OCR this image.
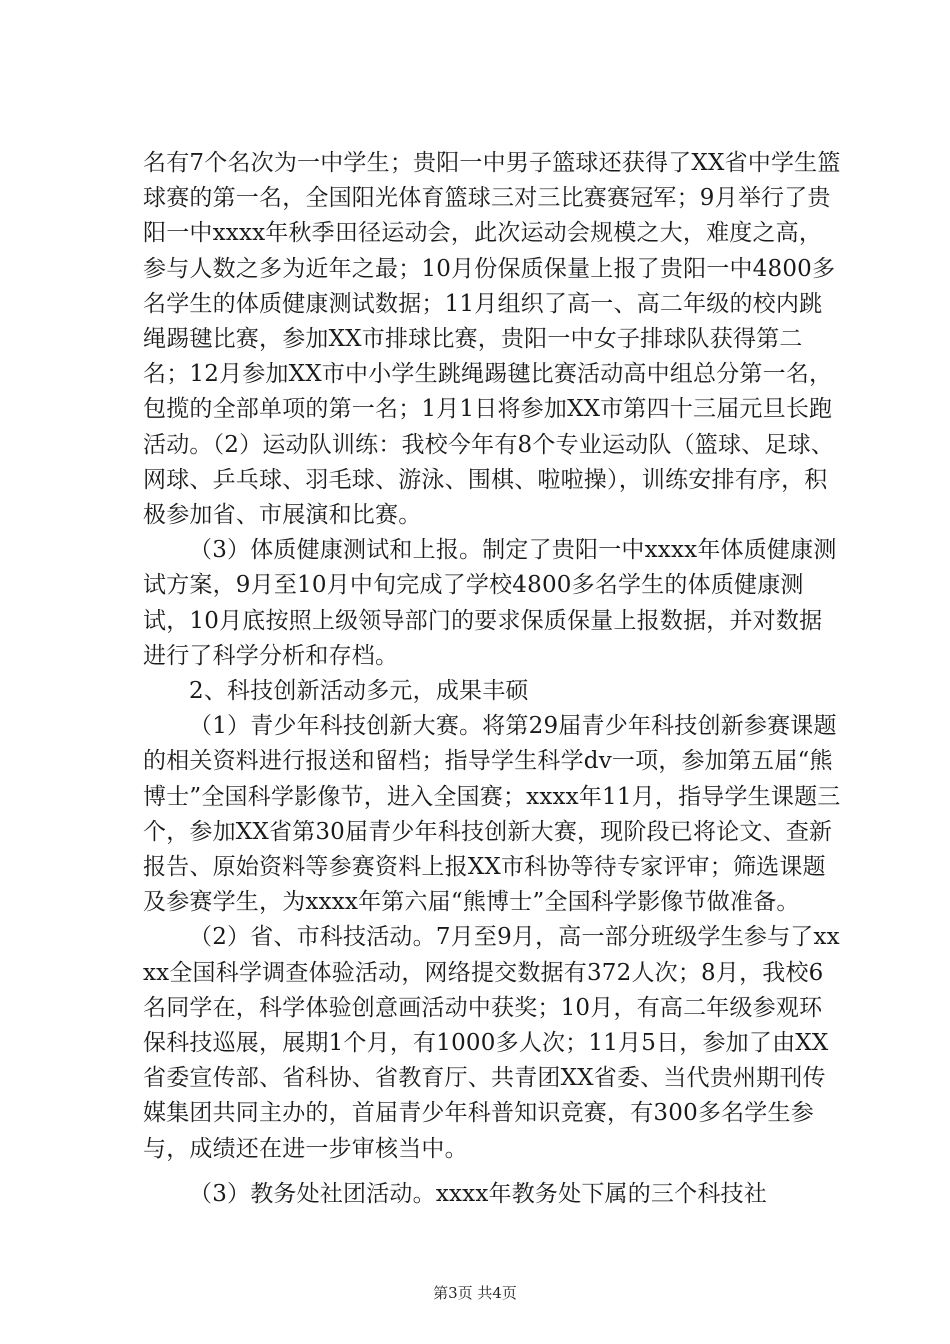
名有7个名次为一中学生；贵阳一中男子篮球还获得了XX省中学生篮球赛的第一名，全国阳光体育篮球三对三比赛赛冠军；9月举行了贵阳一中xxxx年秋季田径运动会，此次运动会规模之大，难度之高，参与人数之多为近年之最；10月份保质保量上报了贵阳一中4800多名学生的体质健康测试数据；11月组织了高一、高二年级的校内跳绳踢毽比赛，参加XX市排球比赛，贵阳一中女子排球队获得第二名；12月参加XX市中小学生跳绳踢毽比赛活动高中组总分第一名，包揽的全部单项的第一名；1月1日将参加XX市第四十三届元旦长跑活动。（2）运动队训练：我校今年有8个专业运动队（篮球、足球、网球、乒乓球、羽毛球、游泳、围棋、啦啦操），训练安排有序，积极参加省、市展演和比赛。

（3）体质健康测试和上报。制定了贵阳一中xxxx年体质健康测试方案，9月至10月中旬完成了学校4800多名学生的体质健康测试，10月底按照上级领导部门的要求保质保量上报数据，并对数据进行了科学分析和存档。

2、科技创新活动多元，成果丰硕

（1）青少年科技创新大赛。将第29届青少年科技创新参赛课题的相关资料进行报送和留档；指导学生科学dv一项，参加第五届“熊博士”全国科学影像节，进入全国赛；xxxx年11月，指导学生课题三个，参加XX省第30届青少年科技创新大赛，现阶段已将论文、查新报告、原始资料等参赛资料上报XX市科协等待专家评审；筛选课题及参赛学生，为xxxx年第六届“熊博士”全国科学影像节做准备。

（2）省、市科技活动。7月至9月，高一部分班级学生参与了xxxx全国科学调查体验活动，网络提交数据有372人次；8月，我校6名同学在，科学体验创意画活动中获奖；10月，有高二年级参观环保科技巡展，展期1个月，有1000多人次；11月5日，参加了由XX省委宣传部、省科协、省教育厅、共青团XX省委、当代贵州期刊传媒集团共同主办的，首届青少年科普知识竞赛，有300多名学生参与，成绩还在进一步审核当中。

（3）教务处社团活动。xxxx年教务处下属的三个科技社

第3页 共4页
